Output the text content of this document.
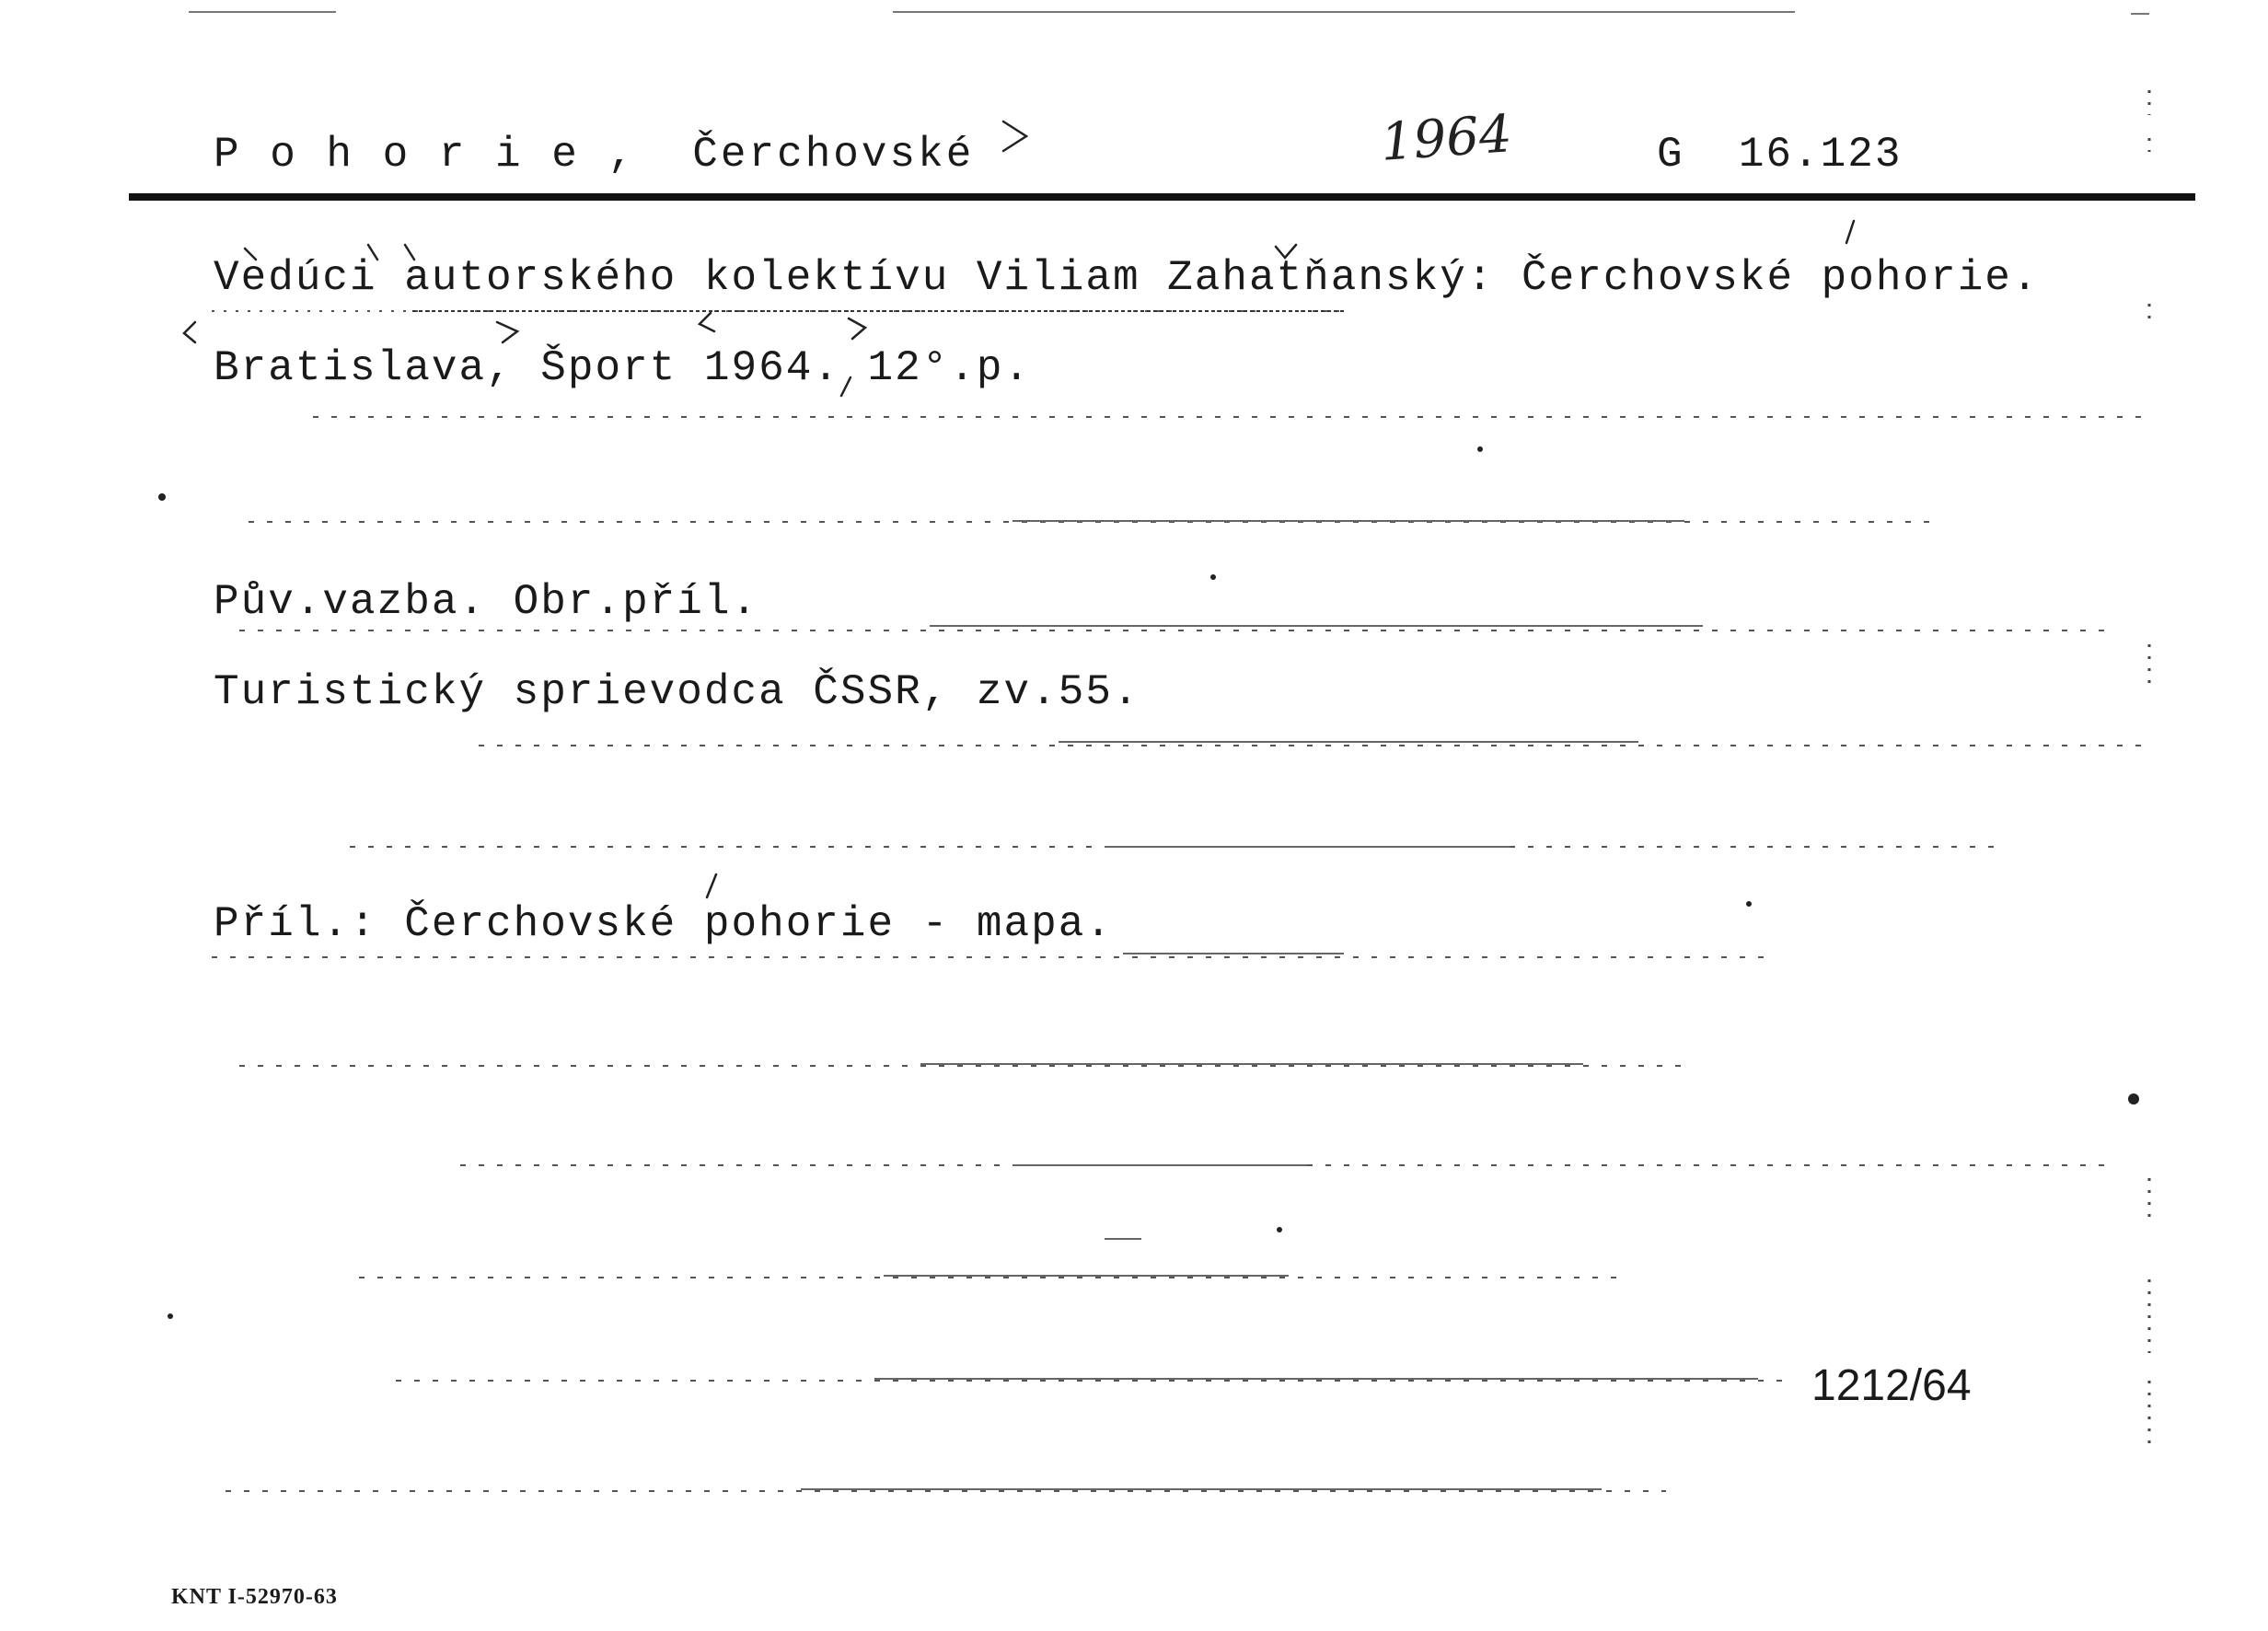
P o h o r i e ,  Čerchovské	1964	G  16.123
Vedúci autorského kolektívu Viliam Zahatňanský: Čerchovské pohorie.
Bratislava, Šport 1964. 12°.p.
Pův.vazba. Obr.příl.
Turistický sprievodca ČSSR, zv.55.
Příl.: Čerchovské pohorie - mapa.
1212/64
KNT I-52970-63
